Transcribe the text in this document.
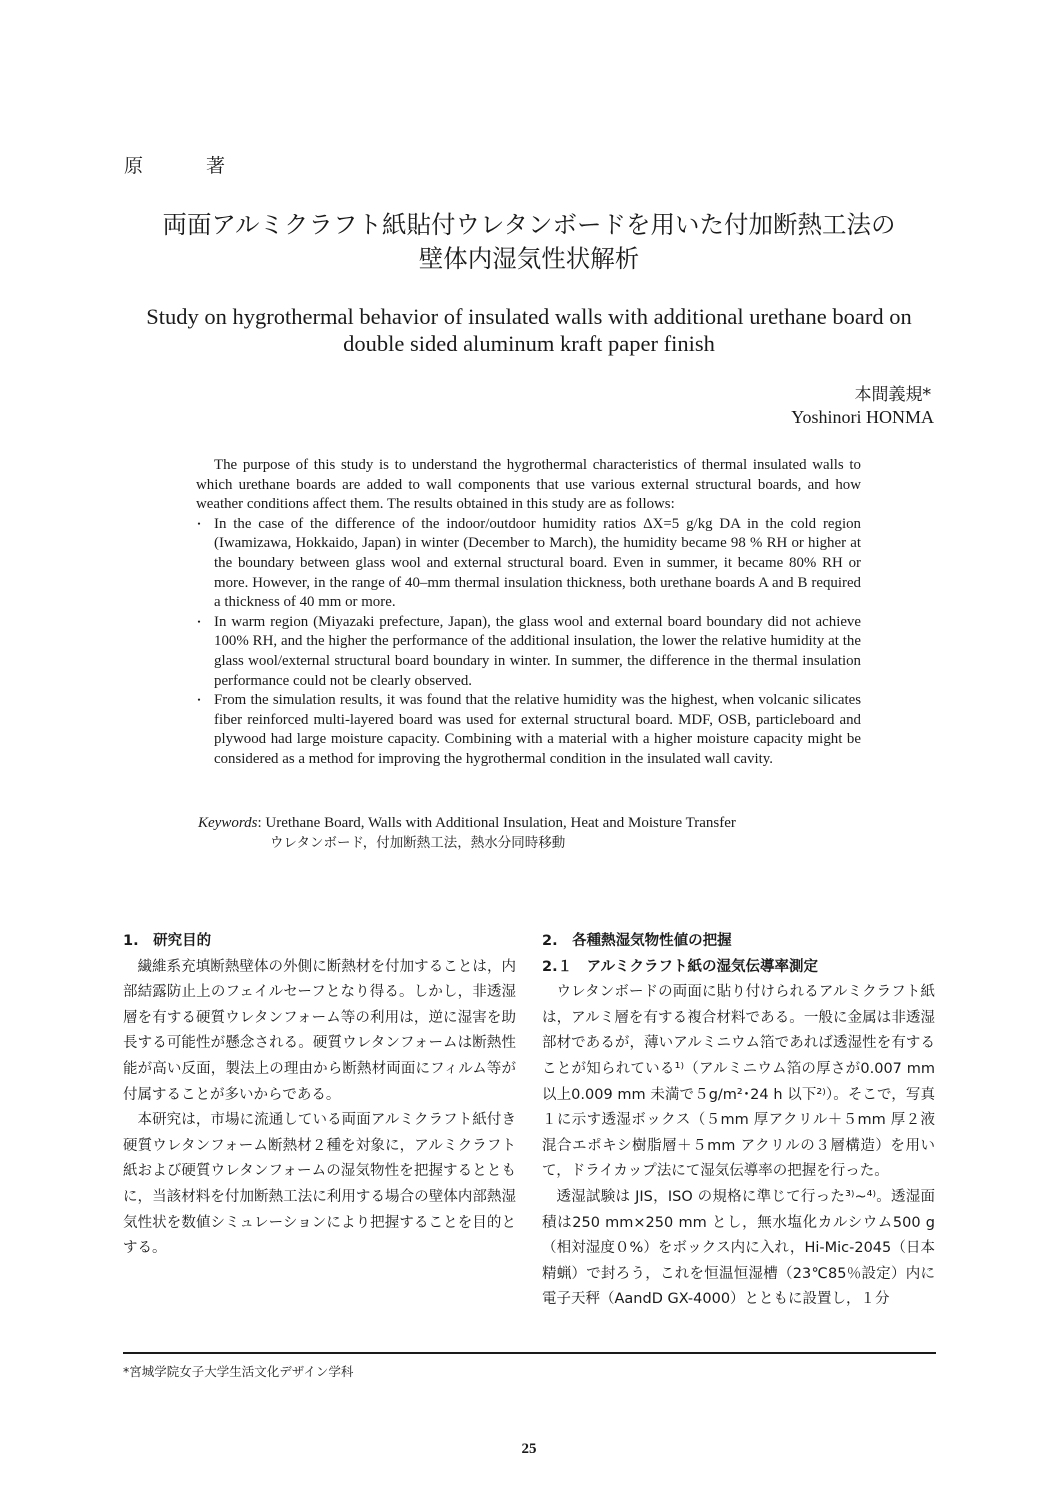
原　著
両面アルミクラフト紙貼付ウレタンボードを用いた付加断熱工法の
壁体内湿気性状解析
Study on hygrothermal behavior of insulated walls with additional urethane board on
double sided aluminum kraft paper finish
本間義規*
Yoshinori HONMA

The purpose of this study is to understand the hygrothermal characteristics of thermal insulated walls to which urethane boards are added to wall components that use various external structural boards, and how weather conditions affect them. The results obtained in this study are as follows:

・ In the case of the difference of the indoor/outdoor humidity ratios ΔX=5 g/kg DA in the cold region (Iwamizawa, Hokkaido, Japan) in winter (December to March), the humidity became 98 % RH or higher at the boundary between glass wool and external structural board. Even in summer, it became 80% RH or more. However, in the range of 40–mm thermal insulation thickness, both urethane boards A and B required a thickness of 40 mm or more.
・ In warm region (Miyazaki prefecture, Japan), the glass wool and external board boundary did not achieve 100% RH, and the higher the performance of the additional insulation, the lower the relative humidity at the glass wool/external structural board boundary in winter. In summer, the difference in the thermal insulation performance could not be clearly observed.
・ From the simulation results, it was found that the relative humidity was the highest, when volcanic silicates fiber reinforced multi-layered board was used for external structural board. MDF, OSB, particleboard and plywood had large moisture capacity. Combining with a material with a higher moisture capacity might be considered as a method for improving the hygrothermal condition in the insulated wall cavity.
Keywords: Urethane Board, Walls with Additional Insulation, Heat and Moisture Transfer
ウレタンボード，付加断熱工法，熱水分同時移動
1.　研究目的

繊維系充填断熱壁体の外側に断熱材を付加することは，内部結露防止上のフェイルセーフとなり得る。しかし，非透湿層を有する硬質ウレタンフォーム等の利用は，逆に湿害を助長する可能性が懸念される。硬質ウレタンフォームは断熱性能が高い反面，製法上の理由から断熱材両面にフィルム等が付属することが多いからである。

本研究は，市場に流通している両面アルミクラフト紙付き硬質ウレタンフォーム断熱材２種を対象に，アルミクラフト紙および硬質ウレタンフォームの湿気物性を把握するとともに，当該材料を付加断熱工法に利用する場合の壁体内部熱湿気性状を数値シミュレーションにより把握することを目的とする。

2.　各種熱湿気物性値の把握
2.１　アルミクラフト紙の湿気伝導率測定

ウレタンボードの両面に貼り付けられるアルミクラフト紙は，アルミ層を有する複合材料である。一般に金属は非透湿部材であるが，薄いアルミニウム箔であれば透湿性を有することが知られている¹⁾（アルミニウム箔の厚さが0.007 mm 以上0.009 mm 未満で５g/m²･24 h 以下²⁾）。そこで，写真１に示す透湿ボックス（５mm 厚アクリル＋５mm 厚２液混合エポキシ樹脂層＋５mm アクリルの３層構造）を用いて，ドライカップ法にて湿気伝導率の把握を行った。

透湿試験は JIS，ISO の規格に準じて行った³⁾~⁴⁾。透湿面積は250 mm×250 mm とし，無水塩化カルシウム500 g（相対湿度０%）をボックス内に入れ，Hi-Mic-2045（日本精蝋）で封ろう，これを恒温恒湿槽（23℃85％設定）内に電子天秤（AandD GX-4000）とともに設置し，１分

*宮城学院女子大学生活文化デザイン学科
25
